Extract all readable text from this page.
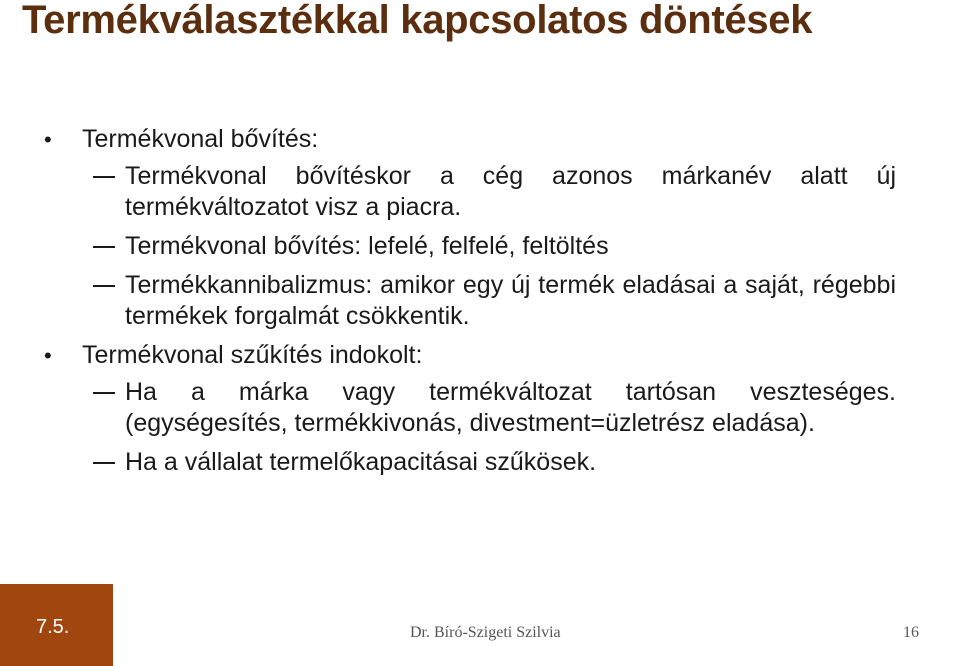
Termékválasztékkal kapcsolatos döntések
• Termékvonal bővítés:
Termékvonal bővítéskor a cég azonos márkanév alatt új termékváltozatot visz a piacra.
Termékvonal bővítés: lefelé, felfelé, feltöltés
Termékkannibalizmus: amikor egy új termék eladásai a saját, régebbi termékek forgalmát csökkentik.
• Termékvonal szűkítés indokolt:
Ha a márka vagy termékváltozat tartósan veszteséges. (egységesítés, termékkivonás, divestment=üzletrész eladása).
Ha a vállalat termelőkapacitásai szűkösek.
7.5.	Dr. Bíró-Szigeti Szilvia	16
